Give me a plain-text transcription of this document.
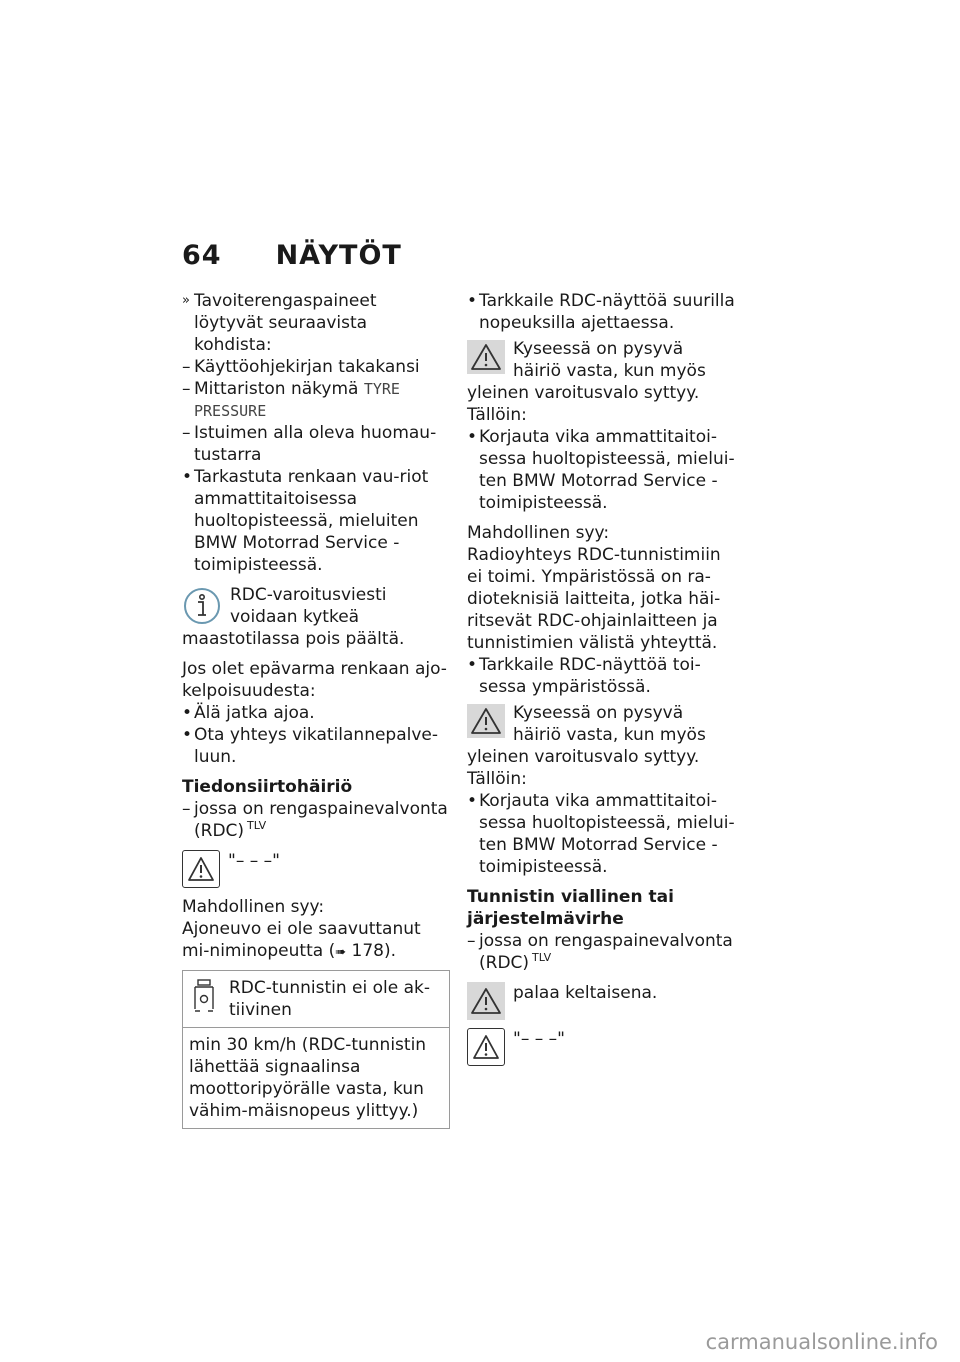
64 NÄYTÖT
» Tavoiterengaspaineet löytyvät seuraavista kohdista:
– Käyttöohjekirjan takakansi
– Mittariston näkymä TYRE PRESSURE
– Istuimen alla oleva huomau-tustarra
• Tarkastuta renkaan vau-riot ammattitaitoisessa huoltopisteessä, mieluiten BMW Motorrad Service -toimipisteessä.
RDC-varoitusviesti voidaan kytkeä maastotilassa pois päältä.

Jos olet epävarma renkaan ajo-kelpoisuudesta:

• Älä jatka ajoa.
• Ota yhteys vikatilannepalve-luun.

Tiedonsiirtohäiriö

– jossa on rengaspainevalvonta (RDC) $^{TLV}$
"– – –"

Mahdollinen syy:

Ajoneuvo ei ole saavuttanut mi-niminopeutta (➠ 178).

RDC-tunnistin ei ole ak-tiivinen
min 30 km/h (RDC-tunnistin lähettää signaalinsa moottoripyörälle vasta, kun vähim-mäisnopeus ylittyy.)
• Tarkkaile RDC-näyttöä suurilla nopeuksilla ajettaessa.
Kyseessä on pysyvä häiriö vasta, kun myös yleinen varoitusvalo syttyy.

Tällöin:

• Korjauta vika ammattitaitoi-sessa huoltopisteessä, mielui-ten BMW Motorrad Service -toimipisteessä.

Mahdollinen syy:

Radioyhteys RDC-tunnistimiin ei toimi. Ympäristössä on ra-dioteknisiä laitteita, jotka häi-ritsevät RDC-ohjainlaitteen ja tunnistimien välistä yhteyttä.

• Tarkkaile RDC-näyttöä toi-sessa ympäristössä.
Kyseessä on pysyvä häiriö vasta, kun myös yleinen varoitusvalo syttyy.

Tällöin:

• Korjauta vika ammattitaitoi-sessa huoltopisteessä, mielui-ten BMW Motorrad Service -toimipisteessä.

Tunnistin viallinen tai järjestelmävirhe

– jossa on rengaspainevalvonta (RDC) $^{TLV}$
palaa keltaisena.
"– – –"
carmanualsonline.info
